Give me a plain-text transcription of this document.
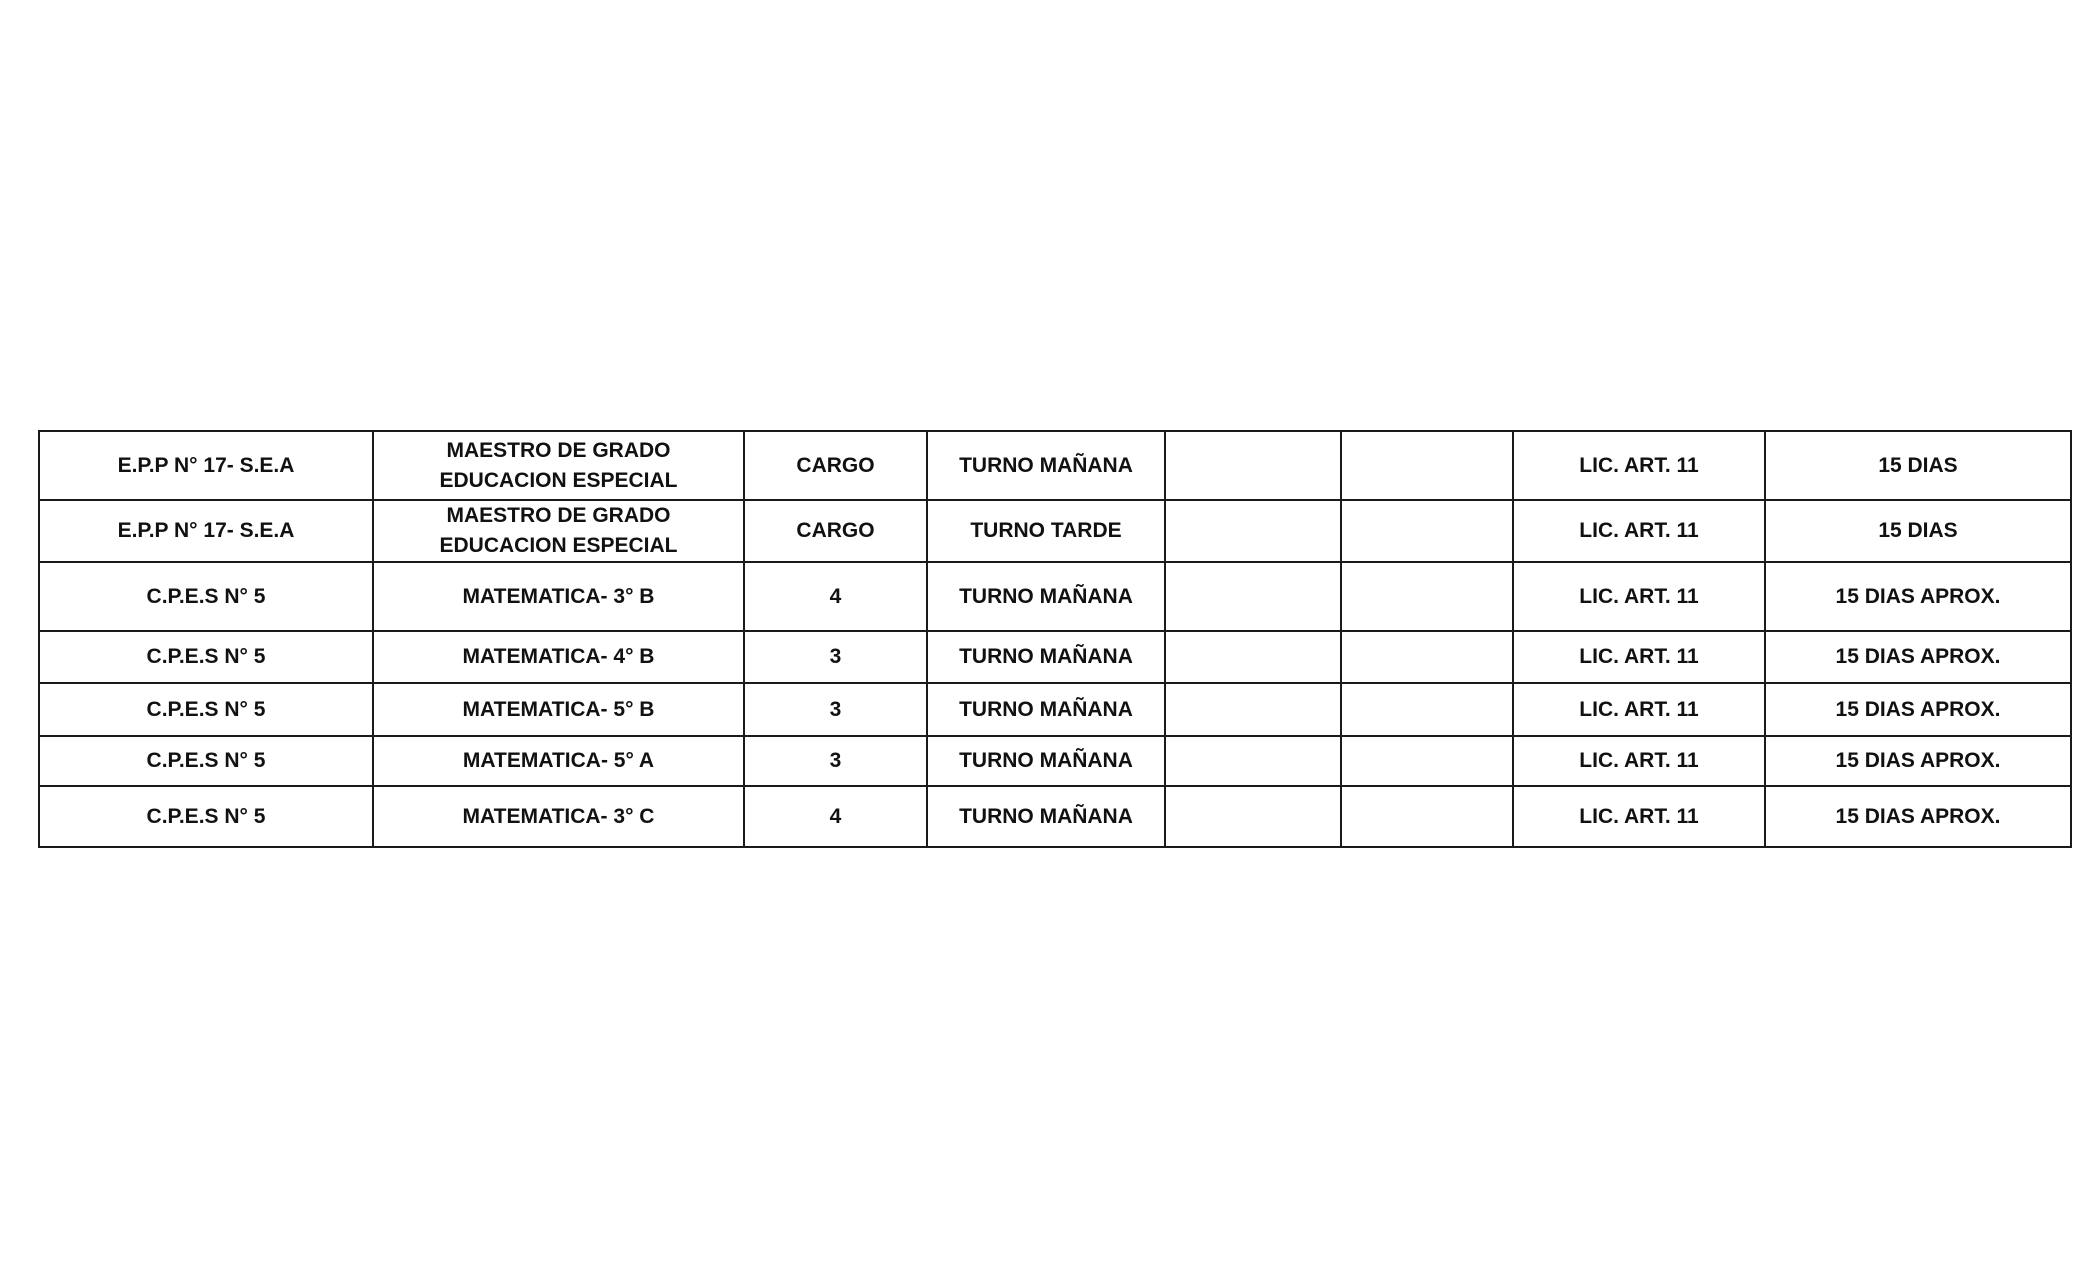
E.P.P N° 17- S.E.A	MAESTRO DE GRADO EDUCACION ESPECIAL	CARGO	TURNO MAÑANA			LIC. ART. 11	15 DIAS
E.P.P N° 17- S.E.A	MAESTRO DE GRADO EDUCACION ESPECIAL	CARGO	TURNO TARDE			LIC. ART. 11	15 DIAS
C.P.E.S N° 5	MATEMATICA- 3° B	4	TURNO MAÑANA			LIC. ART. 11	15 DIAS APROX.
C.P.E.S N° 5	MATEMATICA- 4° B	3	TURNO MAÑANA			LIC. ART. 11	15 DIAS APROX.
C.P.E.S N° 5	MATEMATICA- 5° B	3	TURNO MAÑANA			LIC. ART. 11	15 DIAS APROX.
C.P.E.S N° 5	MATEMATICA- 5° A	3	TURNO MAÑANA			LIC. ART. 11	15 DIAS APROX.
C.P.E.S N° 5	MATEMATICA- 3° C	4	TURNO MAÑANA			LIC. ART. 11	15 DIAS APROX.
